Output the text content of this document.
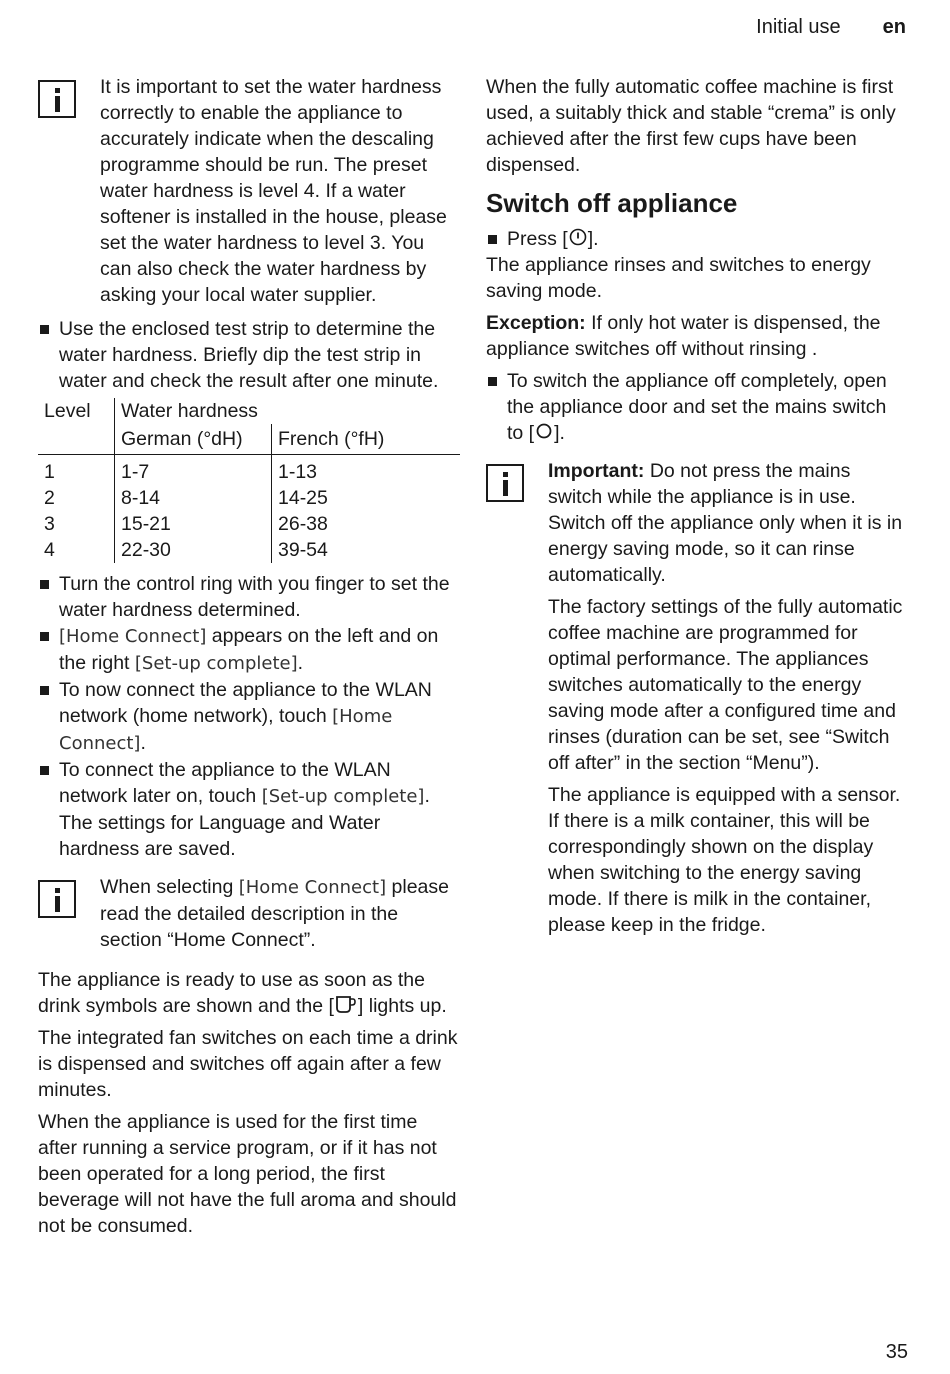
Initial use en

It is important to set the water hardness correctly to enable the appliance to accurately indicate when the descaling programme should be run. The preset water hardness is level 4. If a water softener is installed in the house, please set the water hardness to level 3. You can also check the water hardness by asking your local water supplier.

Use the enclosed test strip to determine the water hardness. Briefly dip the test strip in water and check the result after one minute.

Level	Water hardness	
	German (°dH)	French (°fH)
1	1-7	1-13
2	8-14	14-25
3	15-21	26-38
4	22-30	39-54

Turn the control ring with you finger to set the water hardness determined.

[Home Connect] appears on the left and on the right [Set-up complete].

To now connect the appliance to the WLAN network (home network), touch [Home Connect].

To connect the appliance to the WLAN network later on, touch [Set-up complete]. The settings for Language and Water hardness are saved.

When selecting [Home Connect] please read the detailed description in the section “Home Connect”.

The appliance is ready to use as soon as the drink symbols are shown and the [ ] lights up.

The integrated fan switches on each time a drink is dispensed and switches off again after a few minutes.

When the appliance is used for the first time after running a service program, or if it has not been operated for a long period, the first beverage will not have the full aroma and should not be consumed.

When the fully automatic coffee machine is first used, a suitably thick and stable “crema” is only achieved after the first few cups have been dispensed.

Switch off appliance

Press [ ].

The appliance rinses and switches to energy saving mode.

Exception: If only hot water is dispensed, the appliance switches off without rinsing .

To switch the appliance off completely, open the appliance door and set the mains switch to [ ].

Important: Do not press the mains switch while the appliance is in use. Switch off the appliance only when it is in energy saving mode, so it can rinse automatically.

The factory settings of the fully automatic coffee machine are programmed for optimal performance. The appliances switches automatically to the energy saving mode after a configured time and rinses (duration can be set, see “Switch off after” in the section “Menu”).

The appliance is equipped with a sensor. If there is a milk container, this will be correspondingly shown on the display when switching to the energy saving mode. If there is milk in the container, please keep in the fridge.

35
